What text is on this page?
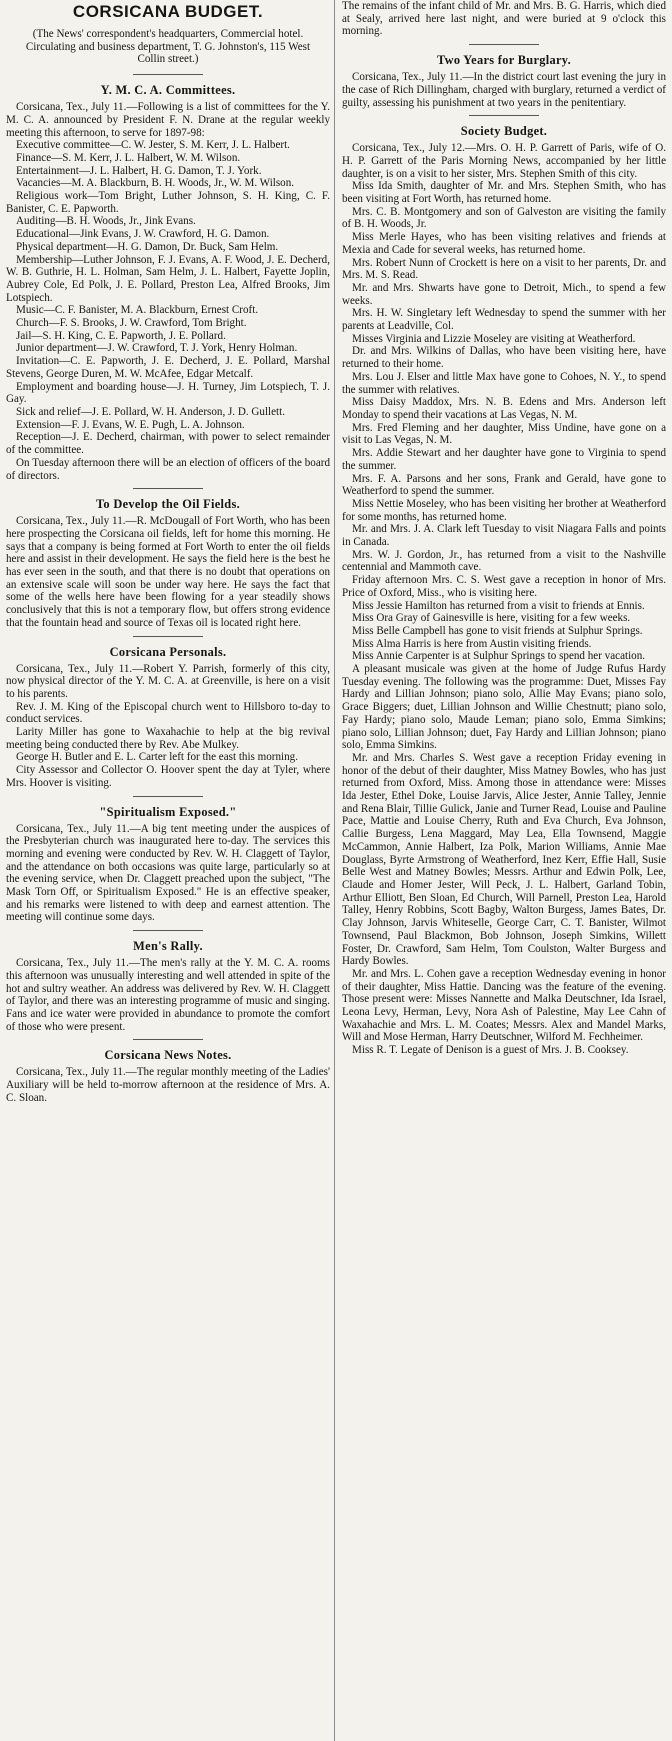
CORSICANA BUDGET.
(The News' correspondent's headquarters, Commercial hotel. Circulating and business department, T. G. Johnston's, 115 West Collin street.)
Y. M. C. A. Committees.

Corsicana, Tex., July 11.—Following is a list of committees for the Y. M. C. A. announced by President F. N. Drane at the regular weekly meeting this afternoon, to serve for 1897-98:

Executive committee—C. W. Jester, S. M. Kerr, J. L. Halbert.

Finance—S. M. Kerr, J. L. Halbert, W. M. Wilson.

Entertainment—J. L. Halbert, H. G. Damon, T. J. York.

Vacancies—M. A. Blackburn, B. H. Woods, Jr., W. M. Wilson.

Religious work—Tom Bright, Luther Johnson, S. H. King, C. F. Banister, C. E. Papworth.

Auditing—B. H. Woods, Jr., Jink Evans.

Educational—Jink Evans, J. W. Crawford, H. G. Damon.

Physical department—H. G. Damon, Dr. Buck, Sam Helm.

Membership—Luther Johnson, F. J. Evans, A. F. Wood, J. E. Decherd, W. B. Guthrie, H. L. Holman, Sam Helm, J. L. Halbert, Fayette Joplin, Aubrey Cole, Ed Polk, J. E. Pollard, Preston Lea, Alfred Brooks, Jim Lotspiech.

Music—C. F. Banister, M. A. Blackburn, Ernest Croft.

Church—F. S. Brooks, J. W. Crawford, Tom Bright.

Jail—S. H. King, C. E. Papworth, J. E. Pollard.

Junior department—J. W. Crawford, T. J. York, Henry Holman.

Invitation—C. E. Papworth, J. E. Decherd, J. E. Pollard, Marshal Stevens, George Duren, M. W. McAfee, Edgar Metcalf.

Employment and boarding house—J. H. Turney, Jim Lotspiech, T. J. Gay.

Sick and relief—J. E. Pollard, W. H. Anderson, J. D. Gullett.

Extension—F. J. Evans, W. E. Pugh, L. A. Johnson.

Reception—J. E. Decherd, chairman, with power to select remainder of the committee.

On Tuesday afternoon there will be an election of officers of the board of directors.

To Develop the Oil Fields.

Corsicana, Tex., July 11.—R. McDougall of Fort Worth, who has been here prospecting the Corsicana oil fields, left for home this morning. He says that a company is being formed at Fort Worth to enter the oil fields here and assist in their development. He says the field here is the best he has ever seen in the south, and that there is no doubt that operations on an extensive scale will soon be under way here. He says the fact that some of the wells here have been flowing for a year steadily shows conclusively that this is not a temporary flow, but offers strong evidence that the fountain head and source of Texas oil is located right here.

Corsicana Personals.

Corsicana, Tex., July 11.—Robert Y. Parrish, formerly of this city, now physical director of the Y. M. C. A. at Greenville, is here on a visit to his parents.

Rev. J. M. King of the Episcopal church went to Hillsboro to-day to conduct services.

Larity Miller has gone to Waxahachie to help at the big revival meeting being conducted there by Rev. Abe Mulkey.

George H. Butler and E. L. Carter left for the east this morning.

City Assessor and Collector O. Hoover spent the day at Tyler, where Mrs. Hoover is visiting.

"Spiritualism Exposed."

Corsicana, Tex., July 11.—A big tent meeting under the auspices of the Presbyterian church was inaugurated here to-day. The services this morning and evening were conducted by Rev. W. H. Claggett of Taylor, and the attendance on both occasions was quite large, particularly so at the evening service, when Dr. Claggett preached upon the subject, "The Mask Torn Off, or Spiritualism Exposed." He is an effective speaker, and his remarks were listened to with deep and earnest attention. The meeting will continue some days.

Men's Rally.

Corsicana, Tex., July 11.—The men's rally at the Y. M. C. A. rooms this afternoon was unusually interesting and well attended in spite of the hot and sultry weather. An address was delivered by Rev. W. H. Claggett of Taylor, and there was an interesting programme of music and singing. Fans and ice water were provided in abundance to promote the comfort of those who were present.

Corsicana News Notes.

Corsicana, Tex., July 11.—The regular monthly meeting of the Ladies' Auxiliary will be held to-morrow afternoon at the residence of Mrs. A. C. Sloan.

The remains of the infant child of Mr. and Mrs. B. G. Harris, which died at Sealy, arrived here last night, and were buried at 9 o'clock this morning.

Two Years for Burglary.

Corsicana, Tex., July 11.—In the district court last evening the jury in the case of Rich Dillingham, charged with burglary, returned a verdict of guilty, assessing his punishment at two years in the penitentiary.

Society Budget.

Corsicana, Tex., July 12.—Mrs. O. H. P. Garrett of Paris, wife of O. H. P. Garrett of the Paris Morning News, accompanied by her little daughter, is on a visit to her sister, Mrs. Stephen Smith of this city.

Miss Ida Smith, daughter of Mr. and Mrs. Stephen Smith, who has been visiting at Fort Worth, has returned home.

Mrs. C. B. Montgomery and son of Galveston are visiting the family of B. H. Woods, Jr.

Miss Merle Hayes, who has been visiting relatives and friends at Mexia and Cade for several weeks, has returned home.

Mrs. Robert Nunn of Crockett is here on a visit to her parents, Dr. and Mrs. M. S. Read.

Mr. and Mrs. Shwarts have gone to Detroit, Mich., to spend a few weeks.

Mrs. H. W. Singletary left Wednesday to spend the summer with her parents at Leadville, Col.

Misses Virginia and Lizzie Moseley are visiting at Weatherford.

Dr. and Mrs. Wilkins of Dallas, who have been visiting here, have returned to their home.

Mrs. Lou J. Elser and little Max have gone to Cohoes, N. Y., to spend the summer with relatives.

Miss Daisy Maddox, Mrs. N. B. Edens and Mrs. Anderson left Monday to spend their vacations at Las Vegas, N. M.

Mrs. Fred Fleming and her daughter, Miss Undine, have gone on a visit to Las Vegas, N. M.

Mrs. Addie Stewart and her daughter have gone to Virginia to spend the summer.

Mrs. F. A. Parsons and her sons, Frank and Gerald, have gone to Weatherford to spend the summer.

Miss Nettie Moseley, who has been visiting her brother at Weatherford for some months, has returned home.

Mr. and Mrs. J. A. Clark left Tuesday to visit Niagara Falls and points in Canada.

Mrs. W. J. Gordon, Jr., has returned from a visit to the Nashville centennial and Mammoth cave.

Friday afternoon Mrs. C. S. West gave a reception in honor of Mrs. Price of Oxford, Miss., who is visiting here.

Miss Jessie Hamilton has returned from a visit to friends at Ennis.

Miss Ora Gray of Gainesville is here, visiting for a few weeks.

Miss Belle Campbell has gone to visit friends at Sulphur Springs.

Miss Alma Harris is here from Austin visiting friends.

Miss Annie Carpenter is at Sulphur Springs to spend her vacation.

A pleasant musicale was given at the home of Judge Rufus Hardy Tuesday evening. The following was the programme: Duet, Misses Fay Hardy and Lillian Johnson; piano solo, Allie May Evans; piano solo, Grace Biggers; duet, Lillian Johnson and Willie Chestnutt; piano solo, Fay Hardy; piano solo, Maude Leman; piano solo, Emma Simkins; piano solo, Lillian Johnson; duet, Fay Hardy and Lillian Johnson; piano solo, Emma Simkins.

Mr. and Mrs. Charles S. West gave a reception Friday evening in honor of the debut of their daughter, Miss Matney Bowles, who has just returned from Oxford, Miss. Among those in attendance were: Misses Ida Jester, Ethel Doke, Louise Jarvis, Alice Jester, Annie Talley, Jennie and Rena Blair, Tillie Gulick, Janie and Turner Read, Louise and Pauline Pace, Mattie and Louise Cherry, Ruth and Eva Church, Eva Johnson, Callie Burgess, Lena Maggard, May Lea, Ella Townsend, Maggie McCammon, Annie Halbert, Iza Polk, Marion Williams, Annie Mae Douglass, Byrte Armstrong of Weatherford, Inez Kerr, Effie Hall, Susie Belle West and Matney Bowles; Messrs. Arthur and Edwin Polk, Lee, Claude and Homer Jester, Will Peck, J. L. Halbert, Garland Tobin, Arthur Elliott, Ben Sloan, Ed Church, Will Parnell, Preston Lea, Harold Talley, Henry Robbins, Scott Bagby, Walton Burgess, James Bates, Dr. Clay Johnson, Jarvis Whiteselle, George Carr, C. T. Banister, Wilmot Townsend, Paul Blackmon, Bob Johnson, Joseph Simkins, Willett Foster, Dr. Crawford, Sam Helm, Tom Coulston, Walter Burgess and Hardy Bowles.

Mr. and Mrs. L. Cohen gave a reception Wednesday evening in honor of their daughter, Miss Hattie. Dancing was the feature of the evening. Those present were: Misses Nannette and Malka Deutschner, Ida Israel, Leona Levy, Herman, Levy, Nora Ash of Palestine, May Lee Cahn of Waxahachie and Mrs. L. M. Coates; Messrs. Alex and Mandel Marks, Will and Mose Herman, Harry Deutschner, Wilford M. Fechheimer.

Miss R. T. Legate of Denison is a guest of Mrs. J. B. Cooksey.
